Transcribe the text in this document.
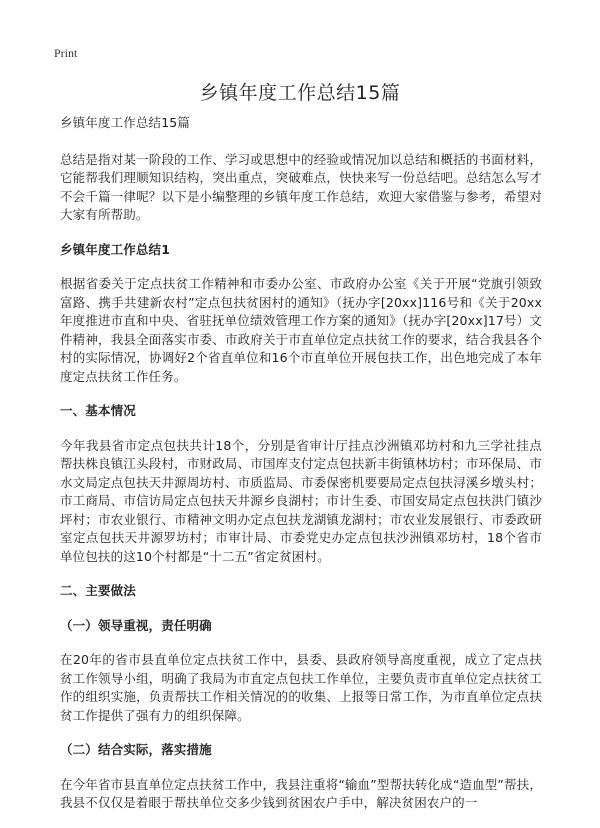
Print
乡镇年度工作总结15篇

乡镇年度工作总结15篇

总结是指对某一阶段的工作、学习或思想中的经验或情况加以总结和概括的书面材料，它能帮我们理顺知识结构，突出重点，突破难点，快快来写一份总结吧。总结怎么写才不会千篇一律呢？以下是小编整理的乡镇年度工作总结，欢迎大家借鉴与参考，希望对大家有所帮助。

乡镇年度工作总结1

根据省委关于定点扶贫工作精神和市委办公室、市政府办公室《关于开展“党旗引领致富路、携手共建新农村”定点包扶贫困村的通知》（抚办字[20xx]116号和《关于20xx年度推进市直和中央、省驻抚单位绩效管理工作方案的通知》（抚办字[20xx]17号）文件精神，我县全面落实市委、市政府关于市直单位定点扶贫工作的要求，结合我县各个村的实际情况，协调好2个省直单位和16个市直单位开展包扶工作，出色地完成了本年度定点扶贫工作任务。

一、基本情况

今年我县省市定点包扶共计18个，分别是省审计厅挂点沙洲镇邓坊村和九三学社挂点帮扶株良镇江头段村，市财政局、市国库支付定点包扶新丰街镇林坊村；市环保局、市水文局定点包扶天井源周坊村、市质监局、市委保密机要要局定点包扶浔溪乡墩头村；市工商局、市信访局定点包扶天井源乡良湖村；市计生委、市国安局定点包扶洪门镇沙坪村；市农业银行、市精神文明办定点包扶龙湖镇龙湖村；市农业发展银行、市委政研室定点包扶天井源罗坊村；市审计局、市委党史办定点包扶沙洲镇邓坊村，18个省市单位包扶的这10个村都是“十二五”省定贫困村。

二、主要做法

（一）领导重视，责任明确

在20年的省市县直单位定点扶贫工作中，县委、县政府领导高度重视，成立了定点扶贫工作领导小组，明确了我局为市直定点包扶工作单位，主要负责市直单位定点扶贫工作的组织实施，负责帮扶工作相关情况的的收集、上报等日常工作，为市直单位定点扶贫工作提供了强有力的组织保障。

（二）结合实际，落实措施

在今年省市县直单位定点扶贫工作中，我县注重将“输血”型帮扶转化成“造血型”帮扶，我县不仅仅是着眼于帮扶单位交多少钱到贫困农户手中，解决贫困农户的一
